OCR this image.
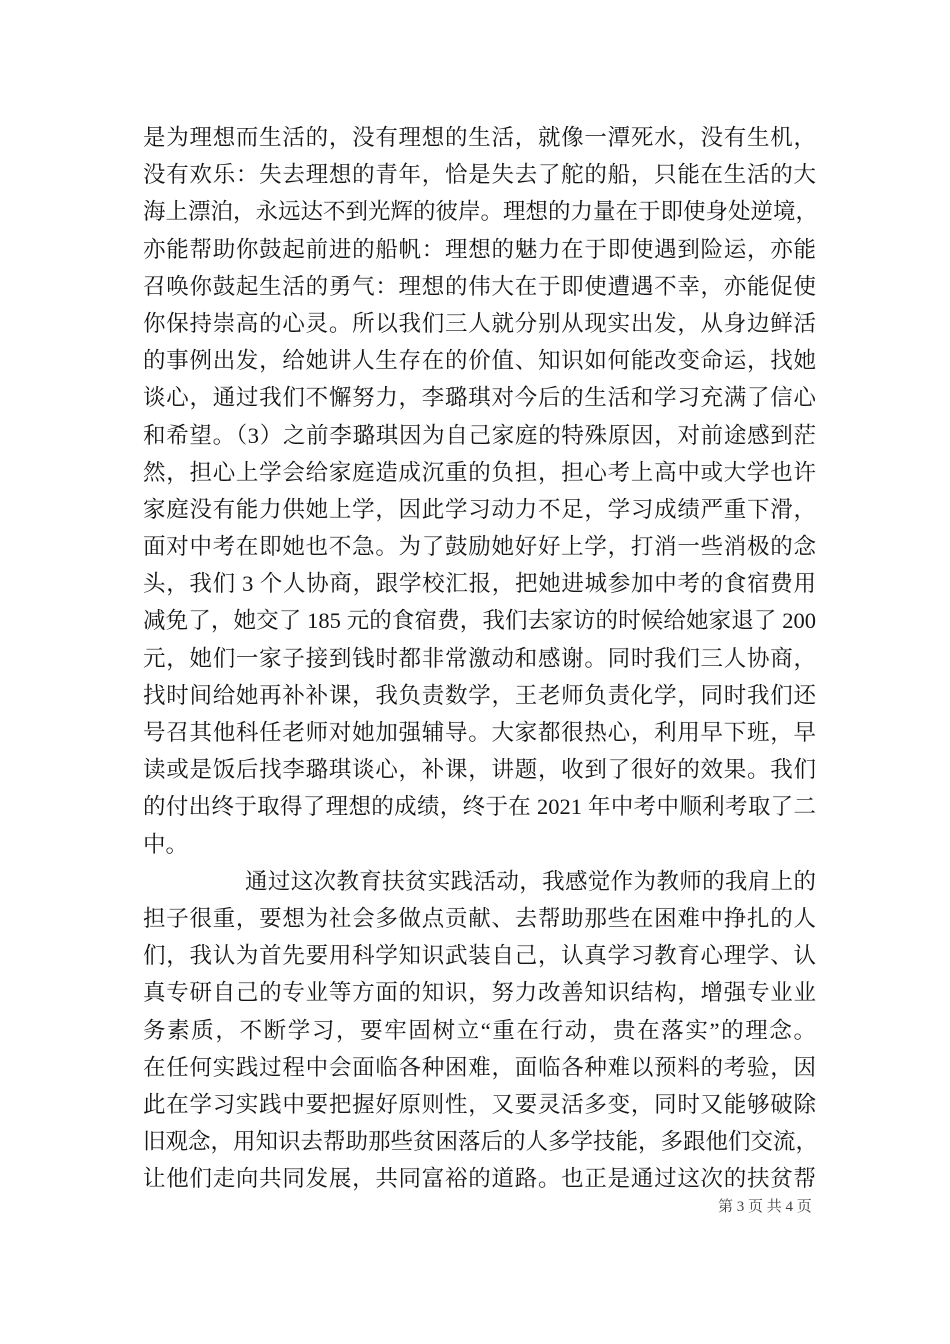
是为理想而生活的，没有理想的生活，就像一潭死水，没有生机，
没有欢乐：失去理想的青年，恰是失去了舵的船，只能在生活的大
海上漂泊，永远达不到光辉的彼岸。理想的力量在于即使身处逆境，
亦能帮助你鼓起前进的船帆：理想的魅力在于即使遇到险运，亦能
召唤你鼓起生活的勇气：理想的伟大在于即使遭遇不幸，亦能促使
你保持崇高的心灵。所以我们三人就分别从现实出发，从身边鲜活
的事例出发，给她讲人生存在的价值、知识如何能改变命运，找她
谈心，通过我们不懈努力，李璐琪对今后的生活和学习充满了信心
和希望。（3）之前李璐琪因为自己家庭的特殊原因，对前途感到茫
然，担心上学会给家庭造成沉重的负担，担心考上高中或大学也许
家庭没有能力供她上学，因此学习动力不足，学习成绩严重下滑，
面对中考在即她也不急。为了鼓励她好好上学，打消一些消极的念
头，我们 3 个人协商，跟学校汇报，把她进城参加中考的食宿费用
减免了，她交了 185 元的食宿费，我们去家访的时候给她家退了 200
元，她们一家子接到钱时都非常激动和感谢。同时我们三人协商，
找时间给她再补补课，我负责数学，王老师负责化学，同时我们还
号召其他科任老师对她加强辅导。大家都很热心，利用早下班，早
读或是饭后找李璐琪谈心，补课，讲题，收到了很好的效果。我们
的付出终于取得了理想的成绩，终于在 2021 年中考中顺利考取了二
中。
通过这次教育扶贫实践活动，我感觉作为教师的我肩上的
担子很重，要想为社会多做点贡献、去帮助那些在困难中挣扎的人
们，我认为首先要用科学知识武装自己，认真学习教育心理学、认
真专研自己的专业等方面的知识，努力改善知识结构，增强专业业
务素质，不断学习，要牢固树立“重在行动，贵在落实”的理念。
在任何实践过程中会面临各种困难，面临各种难以预料的考验，因
此在学习实践中要把握好原则性，又要灵活多变，同时又能够破除
旧观念，用知识去帮助那些贫困落后的人多学技能，多跟他们交流，
让他们走向共同发展，共同富裕的道路。也正是通过这次的扶贫帮
第 3 页 共 4 页
